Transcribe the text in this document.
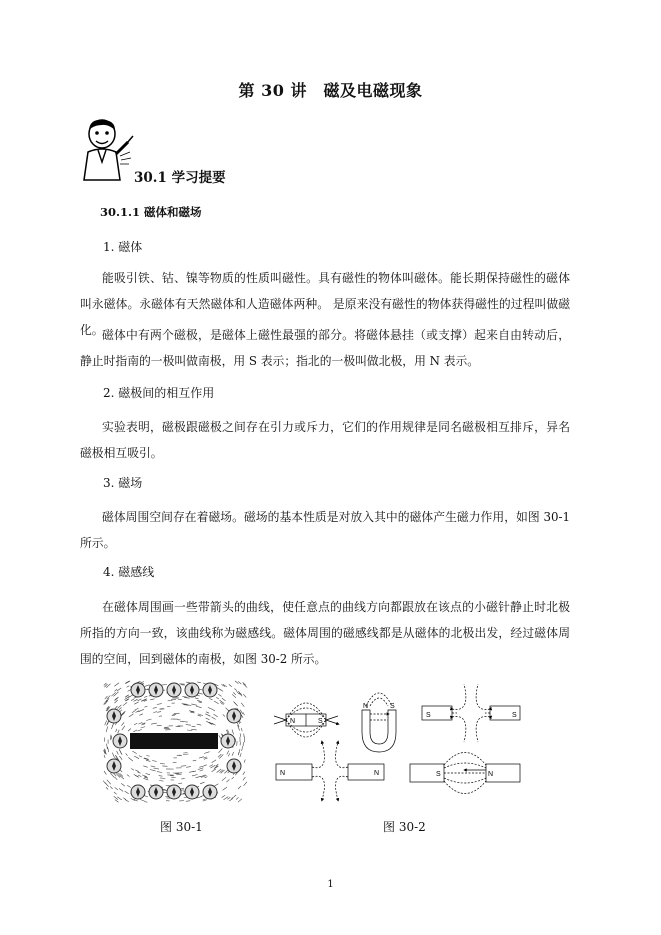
第 30 讲　磁及电磁现象
30.1 学习提要
30.1.1 磁体和磁场
1. 磁体
能吸引铁、钴、镍等物质的性质叫磁性。具有磁性的物体叫磁体。能长期保持磁性的磁体叫永磁体。永磁体有天然磁体和人造磁体两种。 是原来没有磁性的物体获得磁性的过程叫做磁化。
磁体中有两个磁极，是磁体上磁性最强的部分。将磁体悬挂（或支撑）起来自由转动后，静止时指南的一极叫做南极，用 S 表示；指北的一极叫做北极，用 N 表示。
2. 磁极间的相互作用
实验表明，磁极跟磁极之间存在引力或斥力，它们的作用规律是同名磁极相互排斥，异名磁极相互吸引。
3. 磁场
磁体周围空间存在着磁场。磁场的基本性质是对放入其中的磁体产生磁力作用，如图 30-1 所示。
4. 磁感线
在磁体周围画一些带箭头的曲线，使任意点的曲线方向都跟放在该点的小磁针静止时北极所指的方向一致，该曲线称为磁感线。磁体周围的磁感线都是从磁体的北极出发，经过磁体周围的空间，回到磁体的南极，如图 30-2 所示。
图 30-1
N	S
N	S
S	S
N	N	S	N
图 30-2
1
